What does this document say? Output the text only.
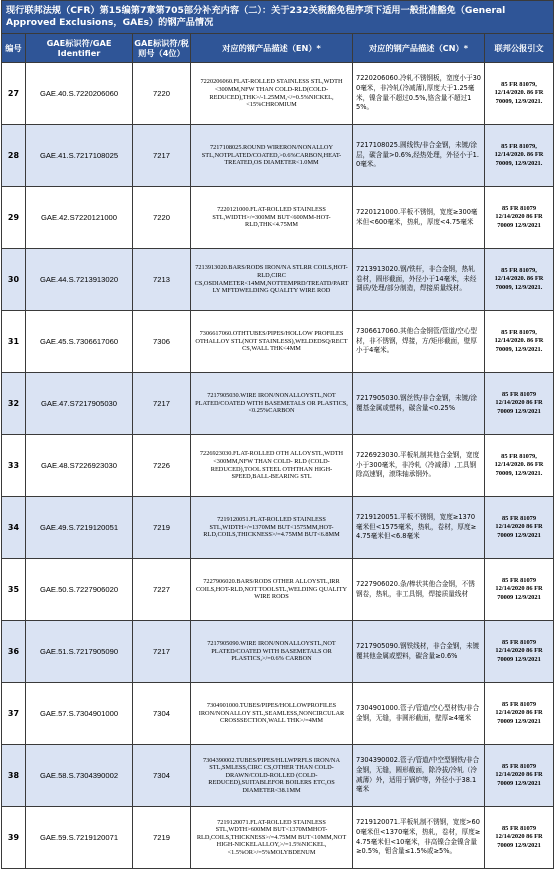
现行联邦法规（CFR）第15编第7章第705部分补充内容（二）：关于232关税豁免程序项下适用一般批准豁免（General Approved Exclusions，GAEs）的钢产品情况					
编号	GAE标识符/GAE Identifier	GAE标识符/税则号（4位）	对应的钢产品描述（EN）*	对应的钢产品描述（CN）*	联邦公报引文
27	GAE.40.S.7220206060	7220	7220206060.FLAT-ROLLED STAINLESS STL,WDTH <300MM,NFW THAN COLD-RLD(COLD-REDUCED),THK>/-1.25MM,</=0.5%NICKEL,<15%CHROMIUM	7220206060.冷轧不锈钢板，宽度小于300毫米，非冷轧(冷减薄),厚度大于1.25毫米，镍含量不超过0.5%,铬含量不超过15%。	85 FR 81079, 12/14/2020. 86 FR 70009, 12/9/2021.
28	GAE.41.S.7217108025	7217	7217108025.ROUND WIRERON/NONALLOY STL,NOTPLATED/COATED,>0.6%CARBON,HEAT-TREATED,OS DIAMETER<1.0MM	7217108025.圆线铁/非合金钢，未镀/涂层，碳含量>0.6%,经热处理，外径小于1.0毫米。	85 FR 81079, 12/14/2020. 86 FR 70009, 12/9/2021.
29	GAE.42.S7220121000	7220	7220121000.FLAT-ROLLED STAINLESS STL,WIDTH>/=300MM BUT<600MM-HOT-RLD,THK<4.75MM	7220121000.平板不锈钢，宽度≥300毫米但<600毫米，热轧，厚度<4.75毫米	85 FR 81079 12/14/2020 86 FR 70009 12/9/2021
30	GAE.44.S.7213913020	7213	7213913020.BARS/RODS IRON/NA STLRR COILS,HOT-RLD,CIRC CS,OSDIAMETER<14MM,NOTTEMPRD/TREATD/PARTLY MFTDWELDING QUALITY WIRE ROD	7213913020.钢/铁杆，非合金钢，热轧卷材，圆形截面，外径小于14毫米，未经调质/处理/部分制造，焊接质量线材。	85 FR 81079, 12/14/2020. 86 FR 70009, 12/9/2021.
31	GAE.45.S.7306617060	7306	7306617060.OTHTUBES/PIPES/HOLLOW PROFILES OTHALLOY STL(NOT STAINLESS),WELDEDSQ/RECT CS,WALL THK<4MM	7306617060.其他合金钢管/管道/空心型材，非不锈钢，焊接，方/矩形截面，壁厚小于4毫米。	85 FR 81079, 12/14/2020. 86 FR 70009, 12/9/2021.
32	GAE.47.S7217905030	7217	7217905030.WIRE IRON/NONALLOYSTL,NOT PLATED/COATED WITH BASEMETALS OR PLASTICS,<0.25%CARBON	7217905030.钢丝铁/非合金钢，未镀/涂覆基金属或塑料，碳含量<0.25%	85 FR 81079 12/14/2020 86 FR 70009 12/9/2021
33	GAE.48.S7226923030	7226	7226923030.FLAT-ROLLED OTH ALLOYSTL,WDTH <300MM,NFW THAN COLD- RLD (COLD-REDUCED),TOOL STEEL OTHTHAN HIGH-SPEED,BALL-BEARING STL	7226923030.平板轧制其他合金钢，宽度小于300毫米，非冷轧（冷减薄）,工具钢除高速钢，滚珠轴承钢外。	85 FR 81079, 12/14/2020. 86 FR 70009, 12/9/2021.
34	GAE.49.S.7219120051	7219	7219120051.FLAT-ROLLED STAINLESS STL,WIDTH>/=1370MM BUT<1575MM,HOT-RLD,COILS,THICKNESS>/=4.75MM BUT<6.8MM	7219120051.平板不锈钢，宽度≥1370毫米但<1575毫米，热轧，卷材，厚度≥4.75毫米但<6.8毫米	85 FR 81079 12/14/2020 86 FR 70009 12/9/2021
35	GAE.50.S.7227906020	7227	7227906020.BARS/RODS OTHER ALLOYSTL,IRR COILS,HOT-RLD,NOT TOOLSTL,WELDING QUALITY WIRE RODS	7227906020.条/棒状其他合金钢，不锈钢卷，热轧，非工具钢，焊接质量线材	85 FR 81079 12/14/2020 86 FR 70009 12/9/2021
36	GAE.51.S.7217905090	7217	7217905090.WIRE IRON/NONALLOYSTL,NOT PLATED/COATED WITH BASEMETALS OR PLASTICS,>/=0.6% CARBON	7217905090.钢铁线材，非合金钢，未镀覆其他金属或塑料，碳含量≥0.6%	85 FR 81079 12/14/2020 86 FR 70009 12/9/2021
37	GAE.57.S.7304901000	7304	7304901000.TUBES/PIPES/HOLLOWPROFILES IRON/NONALLOY STL,SEAMLESS,NONCIRCULAR CROSSSECTION,WALL THK>/=4MM	7304901000.管子/管道/空心型材铁/非合金钢，无缝，非圆形截面，壁厚≥4毫米	85 FR 81079 12/14/2020 86 FR 70009 12/9/2021
38	GAE.58.S.7304390002	7304	7304390002.TUBES/PIPES/HLLWPRFLS IRON/NA STL,SMLESS,CIRC CS,OTHER THAN COLD-DRAWN/COLD-ROLLED (COLD-REDUCED),SUITABLEFOR BOILERS ETC,OS DIAMETER<38.1MM	7304390002.管子/管道/中空型钢铁/非合金钢，无缝，圆形截面，除冷拔/冷轧（冷减薄）外，适用于锅炉等，外径小于38.1毫米	85 FR 81079 12/14/2020 86 FR 70009 12/9/2021
39	GAE.59.S.7219120071	7219	7219120071.FLAT-ROLLED STAINLESS STL,WDTH>600MM BUT<1370MMHOT-RLD,COILS,THICKNESS>/=4.75MM BUT<10MM,NOT HIGH-NICKELALLOY,>/=1.5%NICKEL,<1.5%OR>/=5%MOLYBDENUM	7219120071.平板轧制不锈钢，宽度>600毫米但<1370毫米，热轧，卷材，厚度≥4.75毫米但<10毫米，非高镍合金镍含量≥0.5%，钼含量≤1.5%或≥5%。	85 FR 81079 12/14/2020 86 FR 70009 12/9/2021
